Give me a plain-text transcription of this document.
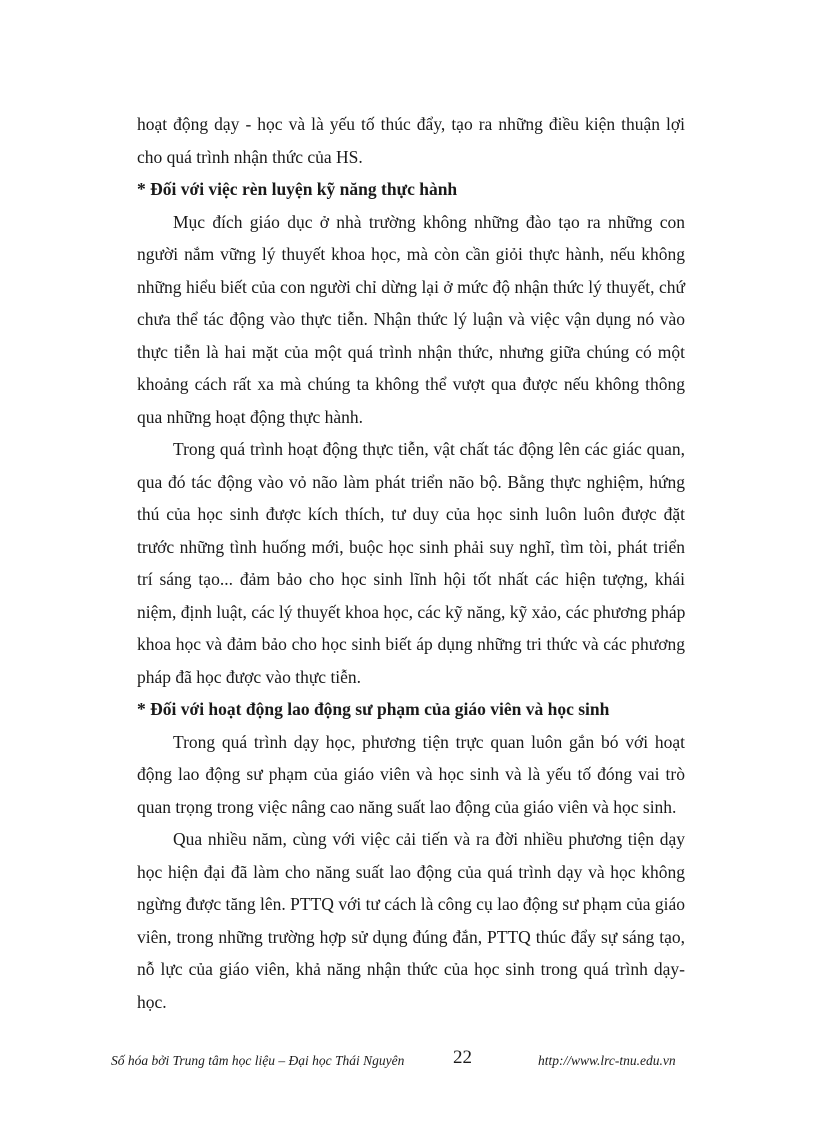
hoạt động dạy - học và là yếu tố thúc đẩy, tạo ra những điều kiện thuận lợi
cho quá trình nhận thức của HS.
* Đối với việc rèn luyện kỹ năng thực hành
Mục đích giáo dục ở nhà trường không những đào tạo ra những con
người nắm vững lý thuyết khoa học, mà còn cần giỏi thực hành, nếu không
những hiểu biết của con người chỉ dừng lại ở mức độ nhận thức lý thuyết, chứ
chưa thể tác động vào thực tiễn. Nhận thức lý luận và việc vận dụng nó vào
thực tiễn là hai mặt của một quá trình nhận thức, nhưng giữa chúng có một
khoảng cách rất xa mà chúng ta không thể vượt qua được nếu không thông
qua những hoạt động thực hành.
Trong quá trình hoạt động thực tiễn, vật chất tác động lên các giác quan,
qua đó tác động vào vỏ não làm phát triển não bộ. Bằng thực nghiệm, hứng
thú của học sinh được kích thích, tư duy của học sinh luôn luôn được đặt
trước những tình huống mới, buộc học sinh phải suy nghĩ, tìm tòi, phát triển
trí sáng tạo... đảm bảo cho học sinh lĩnh hội tốt nhất các hiện tượng, khái
niệm, định luật, các lý thuyết khoa học, các kỹ năng, kỹ xảo, các phương pháp
khoa học và đảm bảo cho học sinh biết áp dụng những tri thức và các phương
pháp đã học được vào thực tiễn.
* Đối với hoạt động lao động sư phạm của giáo viên và học sinh
Trong quá trình dạy học, phương tiện trực quan luôn gắn bó với hoạt
động lao động sư phạm của giáo viên và học sinh và là yếu tố đóng vai trò
quan trọng trong việc nâng cao năng suất lao động của giáo viên và học sinh.
Qua nhiều năm, cùng với việc cải tiến và ra đời nhiều phương tiện dạy
học hiện đại đã làm cho năng suất lao động của quá trình dạy và học không
ngừng được tăng lên. PTTQ với tư cách là công cụ lao động sư phạm của giáo
viên, trong những trường hợp sử dụng đúng đắn, PTTQ thúc đẩy sự sáng tạo,
nỗ lực của giáo viên, khả năng nhận thức của học sinh trong quá trình dạy-
học.
Số hóa bởi Trung tâm học liệu – Đại học Thái Nguyên	22	http://www.lrc-tnu.edu.vn
